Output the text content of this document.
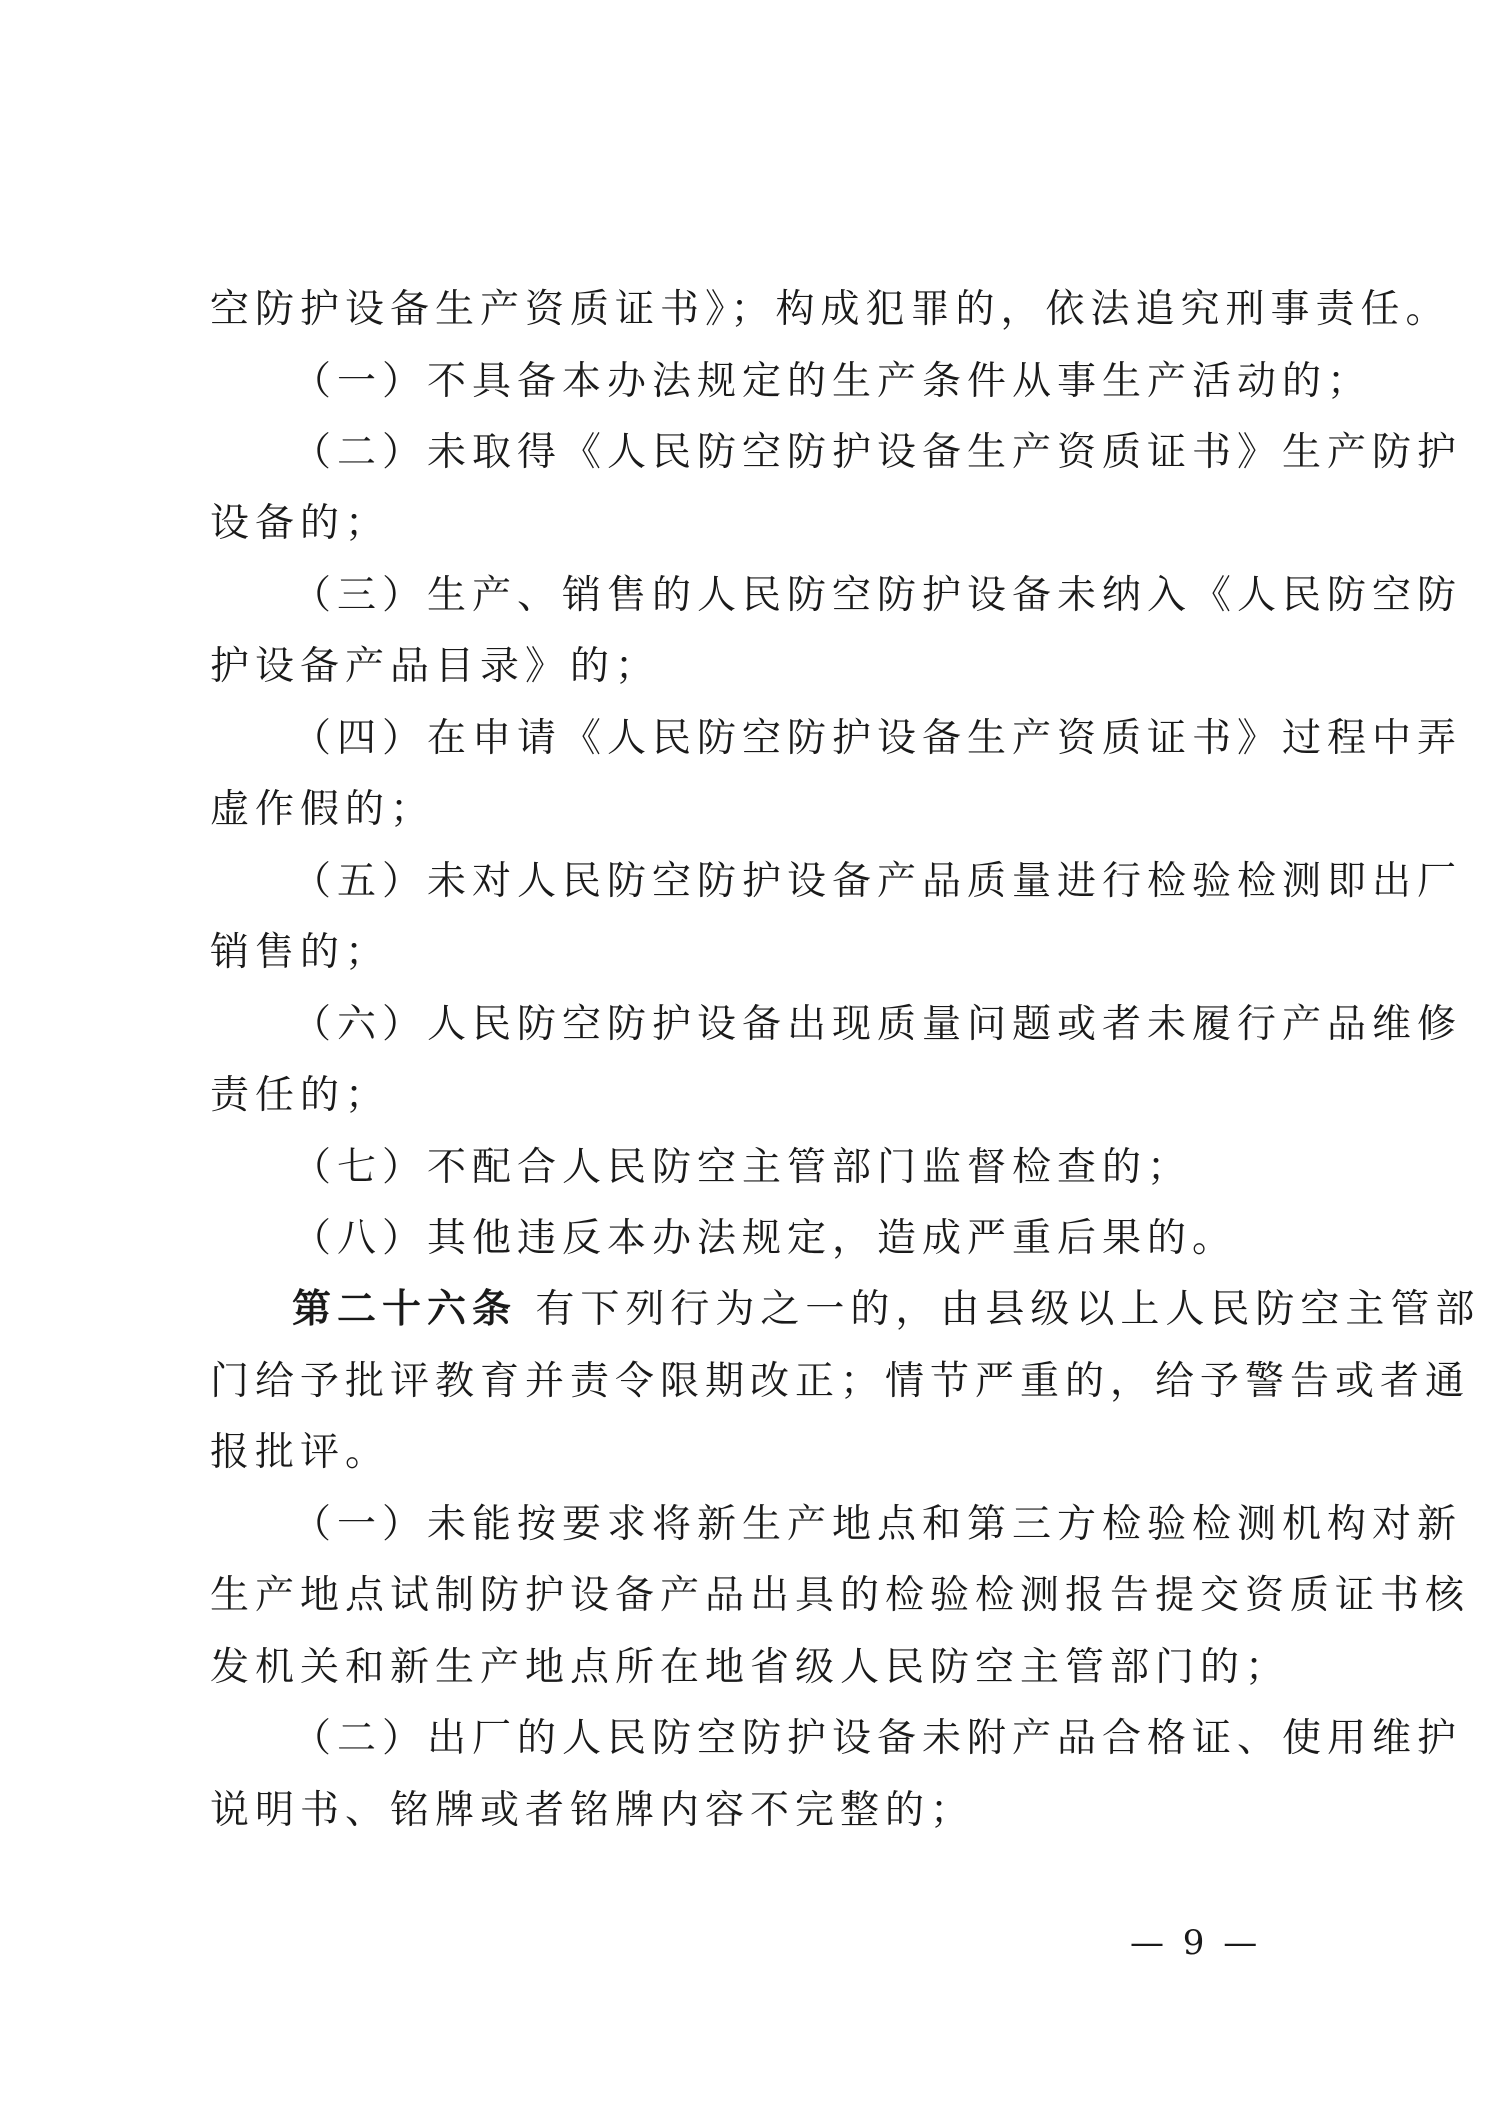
空防护设备生产资质证书》；构成犯罪的，依法追究刑事责任。
（一）不具备本办法规定的生产条件从事生产活动的；
（二）未取得《人民防空防护设备生产资质证书》生产防护
设备的；
（三）生产、销售的人民防空防护设备未纳入《人民防空防
护设备产品目录》的；
（四）在申请《人民防空防护设备生产资质证书》过程中弄
虚作假的；
（五）未对人民防空防护设备产品质量进行检验检测即出厂
销售的；
（六）人民防空防护设备出现质量问题或者未履行产品维修
责任的；
（七）不配合人民防空主管部门监督检查的；
（八）其他违反本办法规定，造成严重后果的。
第二十六条 有下列行为之一的，由县级以上人民防空主管部
门给予批评教育并责令限期改正；情节严重的，给予警告或者通
报批评。
（一）未能按要求将新生产地点和第三方检验检测机构对新
生产地点试制防护设备产品出具的检验检测报告提交资质证书核
发机关和新生产地点所在地省级人民防空主管部门的；
（二）出厂的人民防空防护设备未附产品合格证、使用维护
说明书、铭牌或者铭牌内容不完整的；
— 9 —
